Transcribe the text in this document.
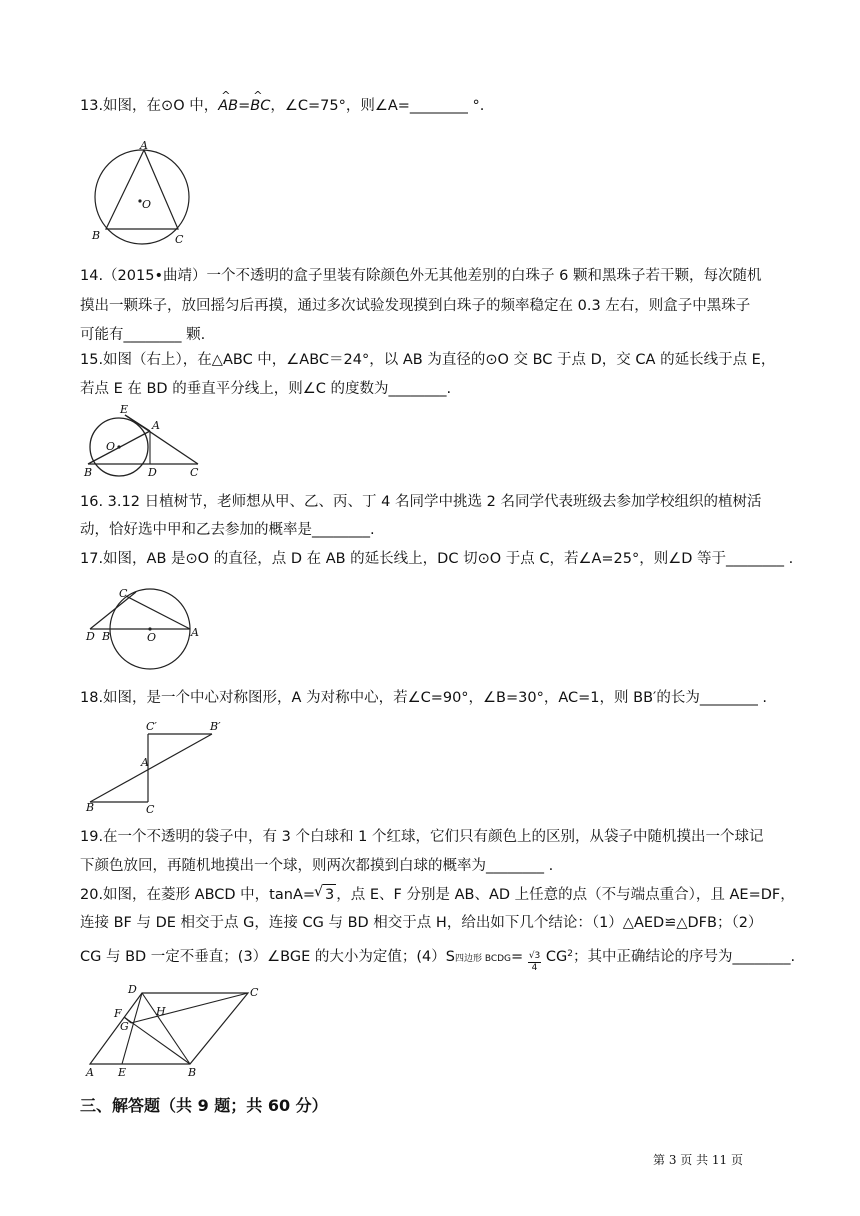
13.如图，在⊙O 中，^ AB=^ BC，∠C=75°，则∠A=________ °.
A
B	C
O
14.（2015•曲靖）一个不透明的盒子里装有除颜色外无其他差别的白珠子 6 颗和黑珠子若干颗，每次随机
摸出一颗珠子，放回摇匀后再摸，通过多次试验发现摸到白珠子的频率稳定在 0.3 左右，则盒子中黑珠子
可能有________ 颗.
15.如图（右上），在△ABC 中，∠ABC＝24°，以 AB 为直径的⊙O 交 BC 于点 D，交 CA 的延长线于点 E，
若点 E 在 BD 的垂直平分线上，则∠C 的度数为________.
E
A
O
B	D	C
16. 3.12 日植树节，老师想从甲、乙、丙、丁 4 名同学中挑选 2 名同学代表班级去参加学校组织的植树活
动，恰好选中甲和乙去参加的概率是________.
17.如图，AB 是⊙O 的直径，点 D 在 AB 的延长线上，DC 切⊙O 于点 C，若∠A=25°，则∠D 等于________ .
C
D B	O	A
18.如图，是一个中心对称图形，A 为对称中心，若∠C=90°，∠B=30°，AC=1，则 BB′的长为________ .
C′	B′
A
B	C
19.在一个不透明的袋子中，有 3 个白球和 1 个红球，它们只有颜色上的区别，从袋子中随机摸出一个球记
下颜色放回，再随机地摸出一个球，则两次都摸到白球的概率为________ .
20.如图，在菱形 ABCD 中，tanA=√ 3 ，点 E、F 分别是 AB、AD 上任意的点（不与端点重合），且 AE=DF，
连接 BF 与 DE 相交于点 G，连接 CG 与 BD 相交于点 H，给出如下几个结论：（1）△AED≌△DFB；（2）
CG 与 BD 一定不垂直；(3）∠BGE 的大小为定值；(4）S四边形 BCDG= $\frac{√3}{4} CG^2$；其中正确结论的序号为________.
D	C
H
F
G
A E	B
三、解答题（共 9 题；共 60 分）
第 3 页 共 11 页
